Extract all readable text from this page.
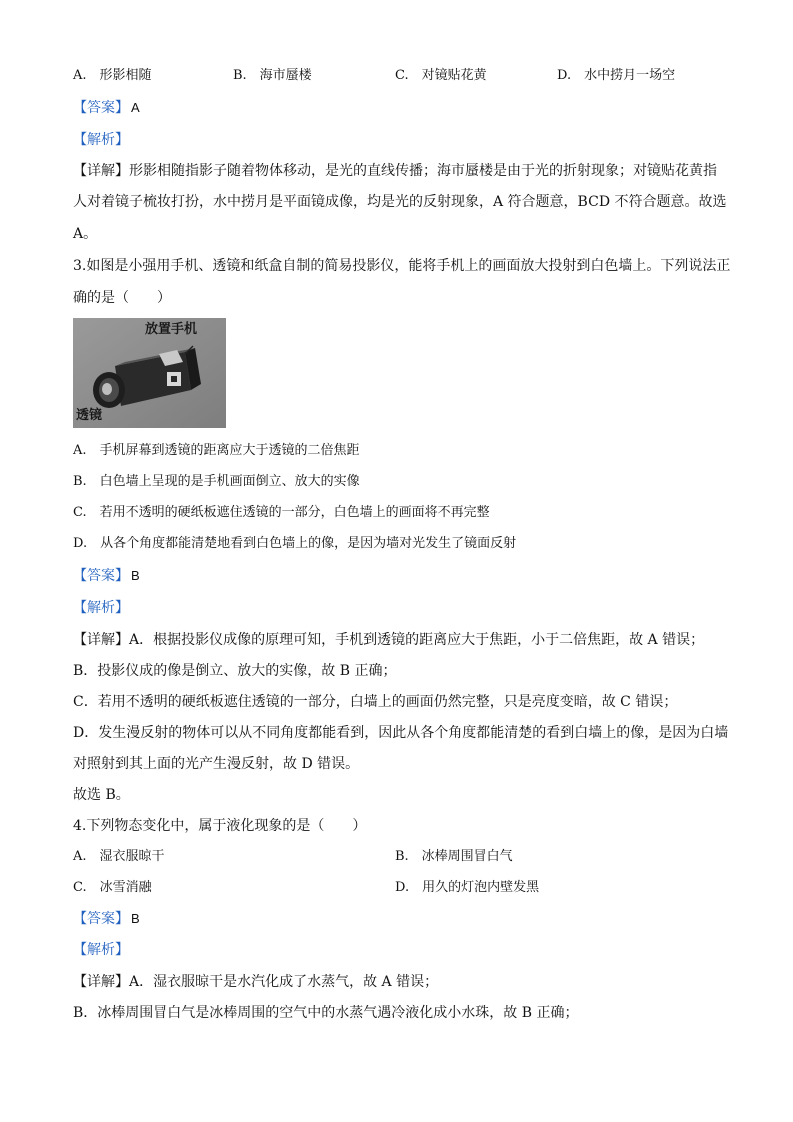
A.　形影相随	B.　海市蜃楼	C.　对镜贴花黄	D.　水中捞月一场空
【答案】 A
【解析】
【详解】形影相随指影子随着物体移动，是光的直线传播；海市蜃楼是由于光的折射现象；对镜贴花黄指
人对着镜子梳妆打扮，水中捞月是平面镜成像，均是光的反射现象，A 符合题意，BCD 不符合题意。故选
A。
3.如图是小强用手机、透镜和纸盒自制的简易投影仪，能将手机上的画面放大投射到白色墙上。下列说法正
确的是（　　）
放置手机
透镜
A.　手机屏幕到透镜的距离应大于透镜的二倍焦距
B.　白色墙上呈现的是手机画面倒立、放大的实像
C.　若用不透明的硬纸板遮住透镜的一部分，白色墙上的画面将不再完整
D.　从各个角度都能清楚地看到白色墙上的像，是因为墙对光发生了镜面反射
【答案】 B
【解析】
【详解】A．根据投影仪成像的原理可知，手机到透镜的距离应大于焦距，小于二倍焦距，故 A 错误；
B．投影仪成的像是倒立、放大的实像，故 B 正确；
C．若用不透明的硬纸板遮住透镜的一部分，白墙上的画面仍然完整，只是亮度变暗，故 C 错误；
D．发生漫反射的物体可以从不同角度都能看到，因此从各个角度都能清楚的看到白墙上的像，是因为白墙
对照射到其上面的光产生漫反射，故 D 错误。
故选 B。
4.下列物态变化中，属于液化现象的是（　　）
A.　湿衣服晾干	B.　冰棒周围冒白气
C.　冰雪消融	D.　用久的灯泡内壁发黑
【答案】 B
【解析】
【详解】A．湿衣服晾干是水汽化成了水蒸气，故 A 错误；
B．冰棒周围冒白气是冰棒周围的空气中的水蒸气遇冷液化成小水珠，故 B 正确；
